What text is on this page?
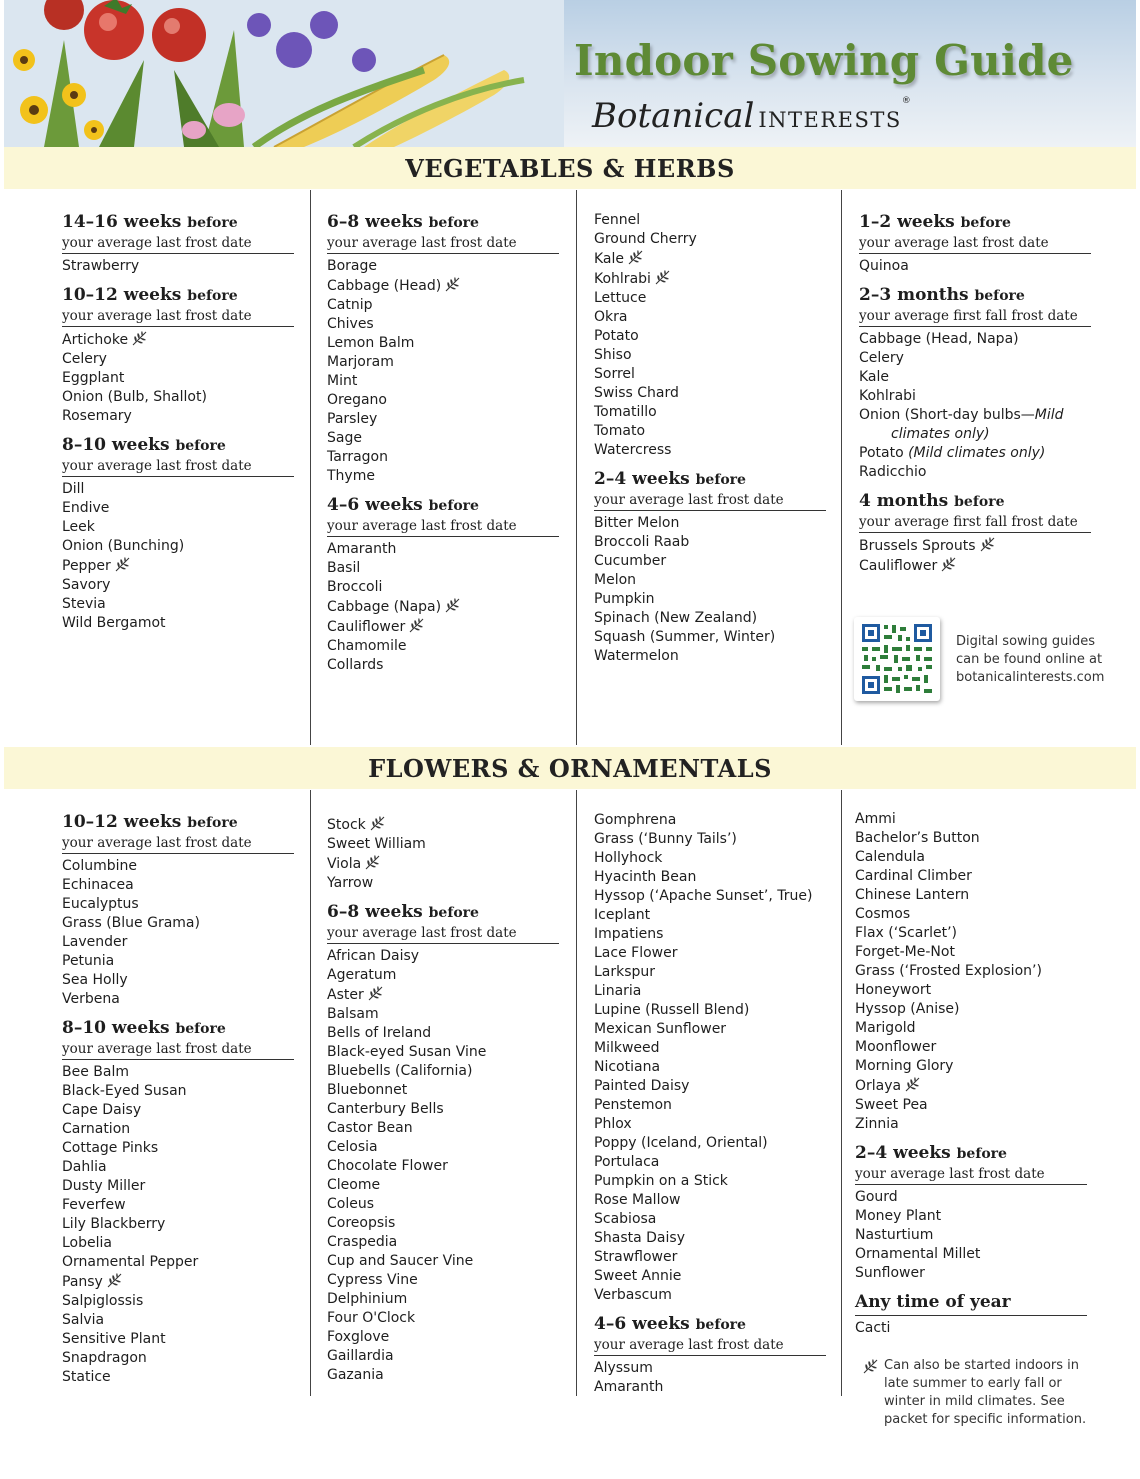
Indoor Sowing Guide
Botanical INTERESTS®
VEGETABLES & HERBS
14–16 weeks before
your average last frost date
Strawberry
10–12 weeks before
your average last frost date
Artichoke
Celery
Eggplant
Onion (Bulb, Shallot)
Rosemary
8–10 weeks before
your average last frost date
Dill
Endive
Leek
Onion (Bunching)
Pepper
Savory
Stevia
Wild Bergamot
6–8 weeks before
your average last frost date
Borage
Cabbage (Head)
Catnip
Chives
Lemon Balm
Marjoram
Mint
Oregano
Parsley
Sage
Tarragon
Thyme
4–6 weeks before
your average last frost date
Amaranth
Basil
Broccoli
Cabbage (Napa)
Cauliflower
Chamomile
Collards
Fennel
Ground Cherry
Kale
Kohlrabi
Lettuce
Okra
Potato
Shiso
Sorrel
Swiss Chard
Tomatillo
Tomato
Watercress
2–4 weeks before
your average last frost date
Bitter Melon
Broccoli Raab
Cucumber
Melon
Pumpkin
Spinach (New Zealand)
Squash (Summer, Winter)
Watermelon
1–2 weeks before
your average last frost date
Quinoa
2–3 months before
your average first fall frost date
Cabbage (Head, Napa)
Celery
Kale
Kohlrabi
Onion (Short-day bulbs—Mild
climates only)
Potato (Mild climates only)
Radicchio
4 months before
your average first fall frost date
Brussels Sprouts
Cauliflower
Digital sowing guides
can be found online at
botanicalinterests.com
FLOWERS & ORNAMENTALS
10–12 weeks before
your average last frost date
Columbine
Echinacea
Eucalyptus
Grass (Blue Grama)
Lavender
Petunia
Sea Holly
Verbena
8–10 weeks before
your average last frost date
Bee Balm
Black-Eyed Susan
Cape Daisy
Carnation
Cottage Pinks
Dahlia
Dusty Miller
Feverfew
Lily Blackberry
Lobelia
Ornamental Pepper
Pansy
Salpiglossis
Salvia
Sensitive Plant
Snapdragon
Statice
Stock
Sweet William
Viola
Yarrow
6–8 weeks before
your average last frost date
African Daisy
Ageratum
Aster
Balsam
Bells of Ireland
Black-eyed Susan Vine
Bluebells (California)
Bluebonnet
Canterbury Bells
Castor Bean
Celosia
Chocolate Flower
Cleome
Coleus
Coreopsis
Craspedia
Cup and Saucer Vine
Cypress Vine
Delphinium
Four O'Clock
Foxglove
Gaillardia
Gazania
Gomphrena
Grass (‘Bunny Tails’)
Hollyhock
Hyacinth Bean
Hyssop (‘Apache Sunset’, True)
Iceplant
Impatiens
Lace Flower
Larkspur
Linaria
Lupine (Russell Blend)
Mexican Sunflower
Milkweed
Nicotiana
Painted Daisy
Penstemon
Phlox
Poppy (Iceland, Oriental)
Portulaca
Pumpkin on a Stick
Rose Mallow
Scabiosa
Shasta Daisy
Strawflower
Sweet Annie
Verbascum
4–6 weeks before
your average last frost date
Alyssum
Amaranth
Ammi
Bachelor’s Button
Calendula
Cardinal Climber
Chinese Lantern
Cosmos
Flax (‘Scarlet’)
Forget-Me-Not
Grass (‘Frosted Explosion’)
Honeywort
Hyssop (Anise)
Marigold
Moonflower
Morning Glory
Orlaya
Sweet Pea
Zinnia
2–4 weeks before
your average last frost date
Gourd
Money Plant
Nasturtium
Ornamental Millet
Sunflower
Any time of year
Cacti
Can also be started indoors in late summer to early fall or winter in mild climates. See packet for specific information.
